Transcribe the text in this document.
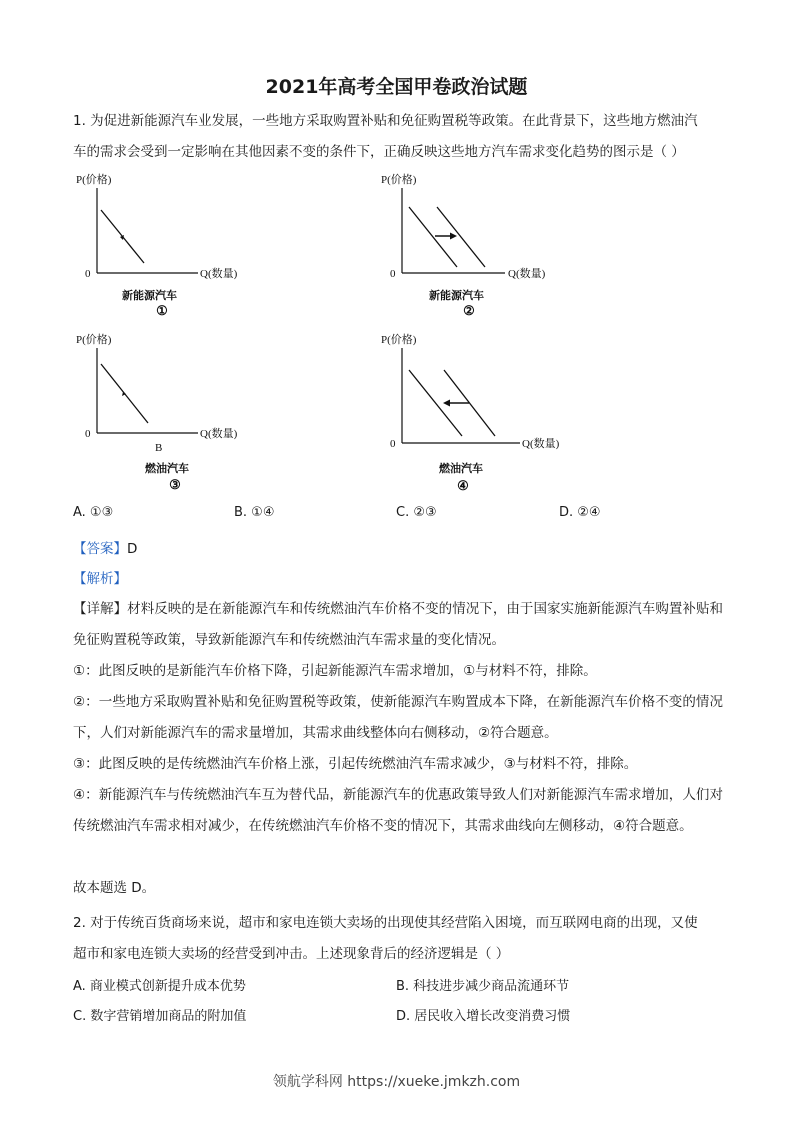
2021年高考全国甲卷政治试题
1. 为促进新能源汽车业发展，一些地方采取购置补贴和免征购置税等政策。在此背景下，这些地方燃油汽
车的需求会受到一定影响在其他因素不变的条件下，正确反映这些地方汽车需求变化趋势的图示是（ ）
P(价格)
0	Q(数量)
新能源汽车
①
P(价格)
0	Q(数量)
新能源汽车
②
P(价格)
0	Q(数量)
B
燃油汽车
③
P(价格)
0	Q(数量)
燃油汽车
④
A. ①③	B. ①④	C. ②③	D. ②④
【答案】D
【解析】
【详解】材料反映的是在新能源汽车和传统燃油汽车价格不变的情况下，由于国家实施新能源汽车购置补贴和免征购置税等政策，导致新能源汽车和传统燃油汽车需求量的变化情况。
①：此图反映的是新能汽车价格下降，引起新能源汽车需求增加，①与材料不符，排除。
②：一些地方采取购置补贴和免征购置税等政策，使新能源汽车购置成本下降，在新能源汽车价格不变的情况下，人们对新能源汽车的需求量增加，其需求曲线整体向右侧移动，②符合题意。
③：此图反映的是传统燃油汽车价格上涨，引起传统燃油汽车需求减少，③与材料不符，排除。
④：新能源汽车与传统燃油汽车互为替代品，新能源汽车的优惠政策导致人们对新能源汽车需求增加，人们对传统燃油汽车需求相对减少，在传统燃油汽车价格不变的情况下，其需求曲线向左侧移动，④符合题意。
故本题选 D。
2. 对于传统百货商场来说，超市和家电连锁大卖场的出现使其经营陷入困境，而互联网电商的出现，又使
超市和家电连锁大卖场的经营受到冲击。上述现象背后的经济逻辑是（ ）
A. 商业模式创新提升成本优势	B. 科技进步减少商品流通环节
C. 数字营销增加商品的附加值	D. 居民收入增长改变消费习惯
领航学科网 https://xueke.jmkzh.com
